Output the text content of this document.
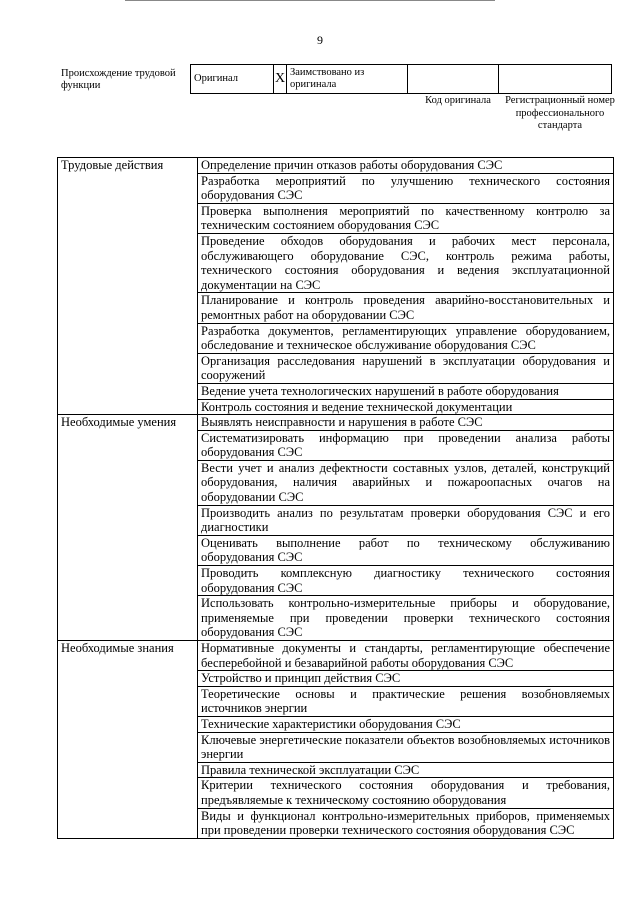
9
Происхождение трудовой функции
Оригинал	X	Заимствовано из оригинала		
Код оригинала	Регистрационный номер профессионального стандарта
Трудовые действия	Определение причин отказов работы оборудования СЭС
	Разработка мероприятий по улучшению технического состояния оборудования СЭС
	Проверка выполнения мероприятий по качественному контролю за техническим состоянием оборудования СЭС
	Проведение обходов оборудования и рабочих мест персонала, обслуживающего оборудование СЭС, контроль режима работы, технического состояния оборудования и ведения эксплуатационной документации на СЭС
	Планирование и контроль проведения аварийно-восстановительных и ремонтных работ на оборудовании СЭС
	Разработка документов, регламентирующих управление оборудованием, обследование и техническое обслуживание оборудования СЭС
	Организация расследования нарушений в эксплуатации оборудования и сооружений
	Ведение учета технологических нарушений в работе оборудования
	Контроль состояния и ведение технической документации
Необходимые умения	Выявлять неисправности и нарушения в работе СЭС
	Систематизировать информацию при проведении анализа работы оборудования СЭС
	Вести учет и анализ дефектности составных узлов, деталей, конструкций оборудования, наличия аварийных и пожароопасных очагов на оборудовании СЭС
	Производить анализ по результатам проверки оборудования СЭС и его диагностики
	Оценивать выполнение работ по техническому обслуживанию оборудования СЭС
	Проводить комплексную диагностику технического состояния оборудования СЭС
	Использовать контрольно-измерительные приборы и оборудование, применяемые при проведении проверки технического состояния оборудования СЭС
Необходимые знания	Нормативные документы и стандарты, регламентирующие обеспечение бесперебойной и безаварийной работы оборудования СЭС
	Устройство и принцип действия СЭС
	Теоретические основы и практические решения возобновляемых источников энергии
	Технические характеристики оборудования СЭС
	Ключевые энергетические показатели объектов возобновляемых источников энергии
	Правила технической эксплуатации СЭС
	Критерии технического состояния оборудования и требования, предъявляемые к техническому состоянию оборудования
	Виды и функционал контрольно-измерительных приборов, применяемых при проведении проверки технического состояния оборудования СЭС
